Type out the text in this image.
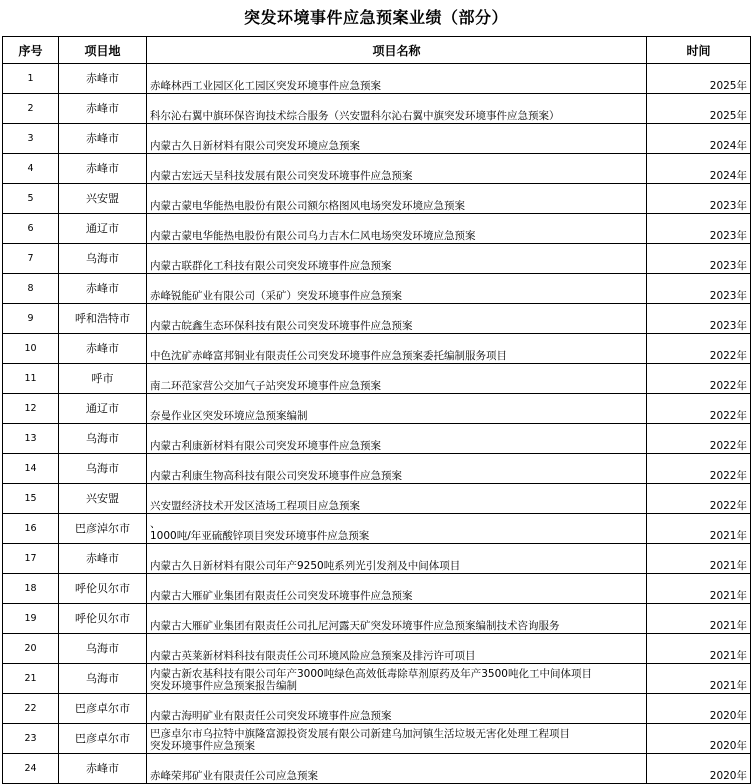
突发环境事件应急预案业绩（部分）
序号	项目地	项目名称	时间

1	赤峰市	赤峰林西工业园区化工园区突发环境事件应急预案	2025年

2	赤峰市	科尔沁右翼中旗环保咨询技术综合服务（兴安盟科尔沁右翼中旗突发环境事件应急预案）	2025年

3	赤峰市	内蒙古久日新材料有限公司突发环境应急预案	2024年

4	赤峰市	内蒙古宏远天呈科技发展有限公司突发环境事件应急预案	2024年

5	兴安盟	内蒙古蒙电华能热电股份有限公司额尔格图风电场突发环境应急预案	2023年

6	通辽市	内蒙古蒙电华能热电股份有限公司乌力吉木仁风电场突发环境应急预案	2023年

7	乌海市	内蒙古联群化工科技有限公司突发环境事件应急预案	2023年

8	赤峰市	赤峰锐能矿业有限公司（采矿）突发环境事件应急预案	2023年

9	呼和浩特市	内蒙古皖鑫生态环保科技有限公司突发环境事件应急预案	2023年

10	赤峰市	中色沈矿赤峰富邦铜业有限责任公司突发环境事件应急预案委托编制服务项目	2022年

11	呼市	南二环范家营公交加气子站突发环境事件应急预案	2022年

12	通辽市	奈曼作业区突发环境应急预案编制	2022年

13	乌海市	内蒙古利康新材料有限公司突发环境事件应急预案	2022年

14	乌海市	内蒙古利康生物高科技有限公司突发环境事件应急预案	2022年

15	兴安盟	兴安盟经济技术开发区渣场工程项目应急预案	2022年

16	巴彦淖尔市	、
1000吨/年亚硫酸锌项目突发环境事件应急预案	2021年

17	赤峰市	内蒙古久日新材料有限公司年产9250吨系列光引发剂及中间体项目	2021年

18	呼伦贝尔市	内蒙古大雁矿业集团有限责任公司突发环境事件应急预案	2021年

19	呼伦贝尔市	内蒙古大雁矿业集团有限责任公司扎尼河露天矿突发环境事件应急预案编制技术咨询服务	2021年

20	乌海市	内蒙古英莱新材料科技有限责任公司环境风险应急预案及排污许可项目	2021年

21	乌海市	内蒙古新农基科技有限公司年产3000吨绿色高效低毒除草剂原药及年产3500吨化工中间体项目
突发环境事件应急预案报告编制	2021年

22	巴彦卓尔市	内蒙古海明矿业有限责任公司突发环境事件应急预案	2020年

23	巴彦卓尔市	巴彦卓尔市乌拉特中旗隆富源投资发展有限公司新建乌加河镇生活垃圾无害化处理工程项目
突发环境事件应急预案	2020年

24	赤峰市	赤峰荣邦矿业有限责任公司应急预案	2020年
